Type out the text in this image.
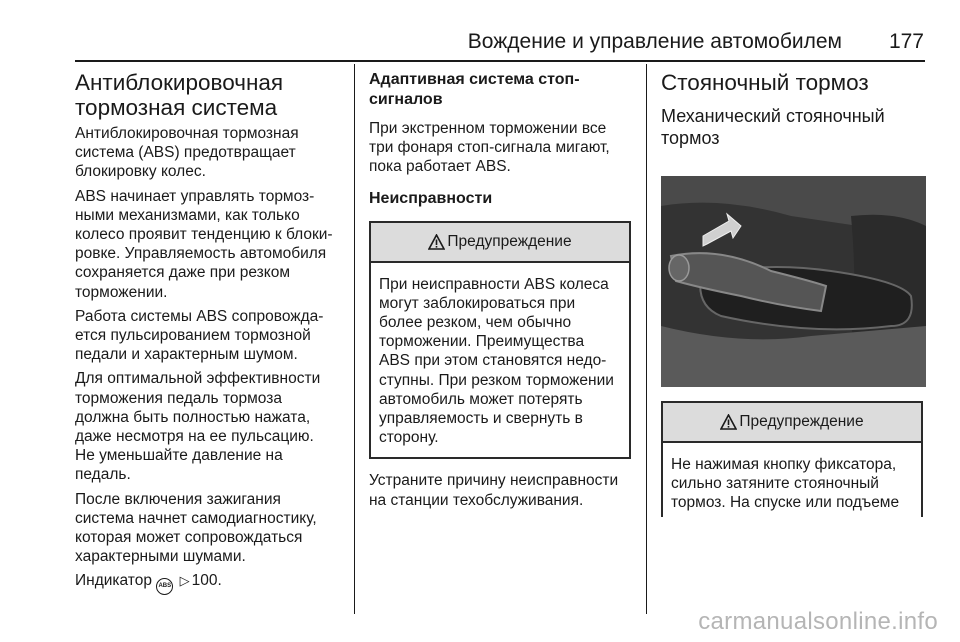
Вождение и управление автомобилем 177
Антиблокировочная
тормозная система

Антиблокировочная тормозная

система (ABS) предотвращает

блокировку колес.

ABS начинает управлять тормоз-

ными механизмами, как только

колесо проявит тенденцию к блоки-

ровке. Управляемость автомобиля

сохраняется даже при резком

торможении.

Работа системы ABS сопровожда-

ется пульсированием тормозной

педали и характерным шумом.

Для оптимальной эффективности

торможения педаль тормоза

должна быть полностью нажата,

даже несмотря на ее пульсацию.

Не уменьшайте давление на

педаль.

После включения зажигания

система начнет самодиагностику,

которая может сопровождаться

характерными шумами.

Индикатор ABS ▷ 100.

Адаптивная система стоп-
сигналов

При экстренном торможении все

три фонаря стоп-сигнала мигают,

пока работает ABS.

Неисправности
Предупреждение

При неисправности ABS колеса

могут заблокироваться при

более резком, чем обычно

торможении. Преимущества

ABS при этом становятся недо-

ступны. При резком торможении

автомобиль может потерять

управляемость и свернуть в

сторону.

Устраните причину неисправности

на станции техобслуживания.

Стояночный тормоз
Механический стояночный
тормоз
Предупреждение

Не нажимая кнопку фиксатора,

сильно затяните стояночный

тормоз. На спуске или подъеме

carmanualsonline.info
